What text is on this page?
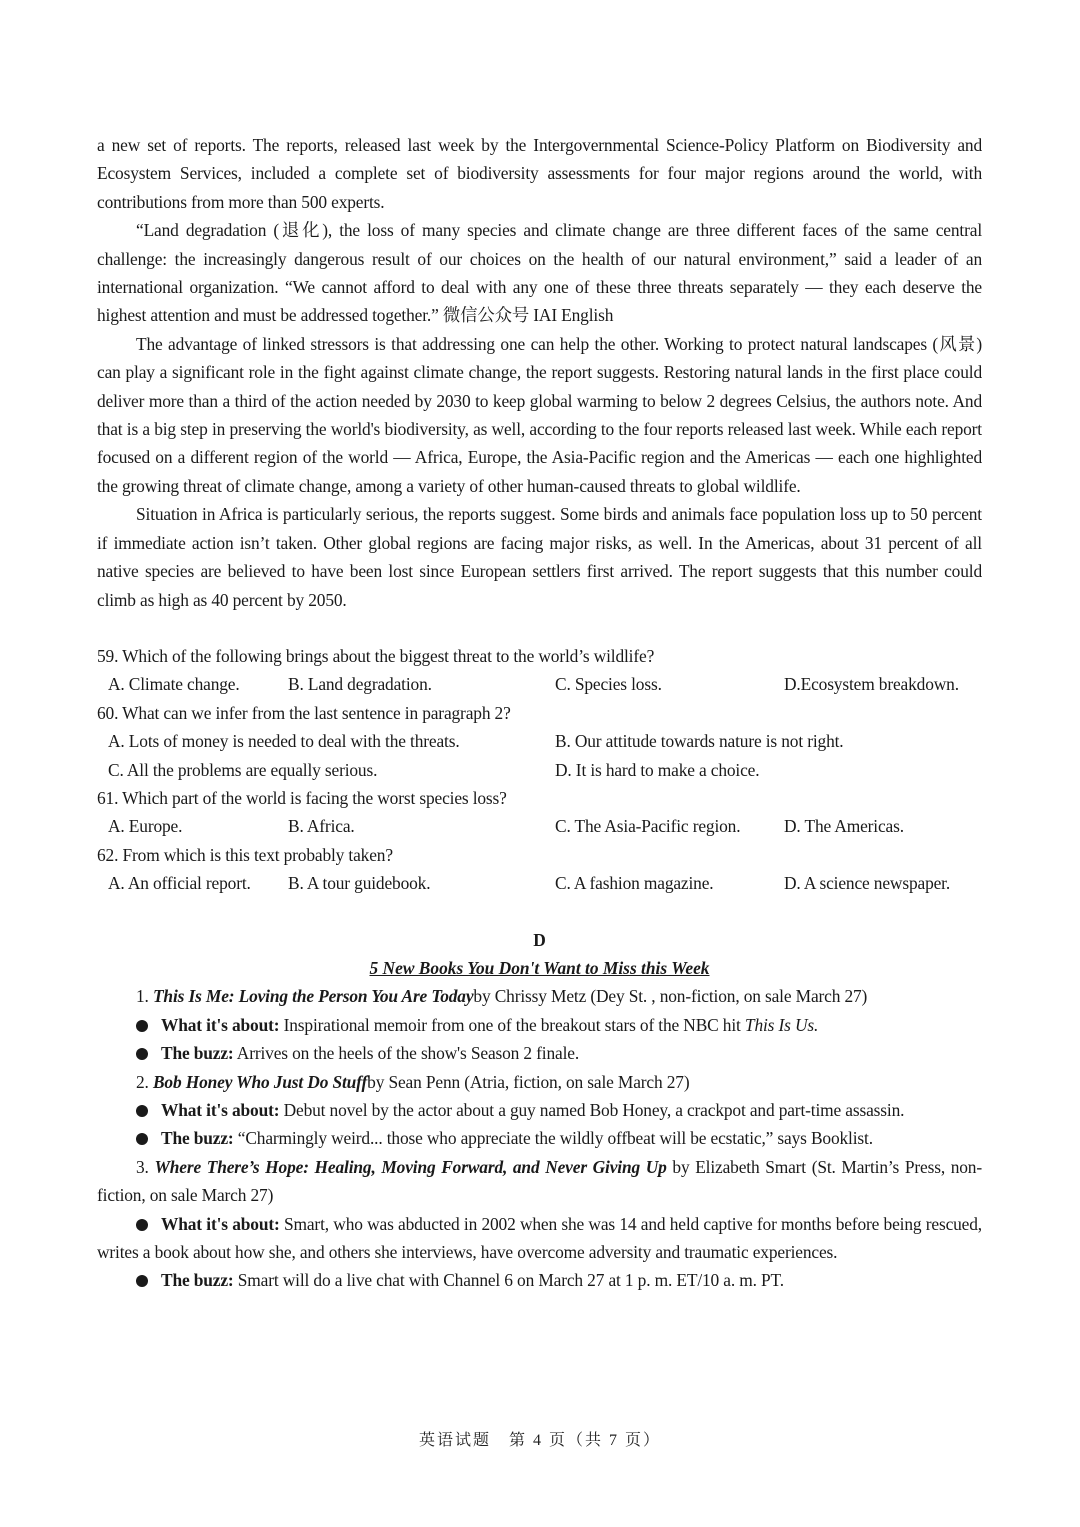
a new set of reports. The reports, released last week by the Intergovernmental Science-Policy Platform on Biodiversity and Ecosystem Services, included a complete set of biodiversity assessments for four major regions around the world, with contributions from more than 500 experts.

“Land degradation (退化), the loss of many species and climate change are three different faces of the same central challenge: the increasingly dangerous result of our choices on the health of our natural environment,” said a leader of an international organization. “We cannot afford to deal with any one of these three threats separately — they each deserve the highest attention and must be addressed together.” 微信公众号 IAI English

The advantage of linked stressors is that addressing one can help the other. Working to protect natural landscapes (风景) can play a significant role in the fight against climate change, the report suggests. Restoring natural lands in the first place could deliver more than a third of the action needed by 2030 to keep global warming to below 2 degrees Celsius, the authors note. And that is a big step in preserving the world's biodiversity, as well, according to the four reports released last week. While each report focused on a different region of the world — Africa, Europe, the Asia-Pacific region and the Americas — each one highlighted the growing threat of climate change, among a variety of other human-caused threats to global wildlife.

Situation in Africa is particularly serious, the reports suggest. Some birds and animals face population loss up to 50 percent if immediate action isn’t taken. Other global regions are facing major risks, as well. In the Americas, about 31 percent of all native species are believed to have been lost since European settlers first arrived. The report suggests that this number could climb as high as 40 percent by 2050.

59. Which of the following brings about the biggest threat to the world’s wildlife?

A. Climate change.	B. Land degradation.	C. Species loss.	D.Ecosystem breakdown.

60. What can we infer from the last sentence in paragraph 2?

A. Lots of money is needed to deal with the threats.	B. Our attitude towards nature is not right.
C. All the problems are equally serious.	D. It is hard to make a choice.

61. Which part of the world is facing the worst species loss?

A. Europe.	B. Africa.	C. The Asia-Pacific region.	D. The Americas.

62. From which is this text probably taken?

A. An official report.	B. A tour guidebook.	C. A fashion magazine.	D. A science newspaper.
D
5 New Books You Don't Want to Miss this Week
1. This Is Me: Loving the Person You Are Todayby Chrissy Metz (Dey St. , non-fiction, on sale March 27)
What it's about: Inspirational memoir from one of the breakout stars of the NBC hit This Is Us.
The buzz: Arrives on the heels of the show's Season 2 finale.
2. Bob Honey Who Just Do Stuffby Sean Penn (Atria, fiction, on sale March 27)
What it's about: Debut novel by the actor about a guy named Bob Honey, a crackpot and part-time assassin.
The buzz: “Charmingly weird... those who appreciate the wildly offbeat will be ecstatic,” says Booklist.
3. Where There’s Hope: Healing, Moving Forward, and Never Giving Up by Elizabeth Smart (St. Martin’s Press, non-fiction, on sale March 27)
What it's about: Smart, who was abducted in 2002 when she was 14 and held captive for months before being rescued, writes a book about how she, and others she interviews, have overcome adversity and traumatic experiences.
The buzz: Smart will do a live chat with Channel 6 on March 27 at 1 p. m. ET/10 a. m. PT.
英语试题　第 4 页（共 7 页）
